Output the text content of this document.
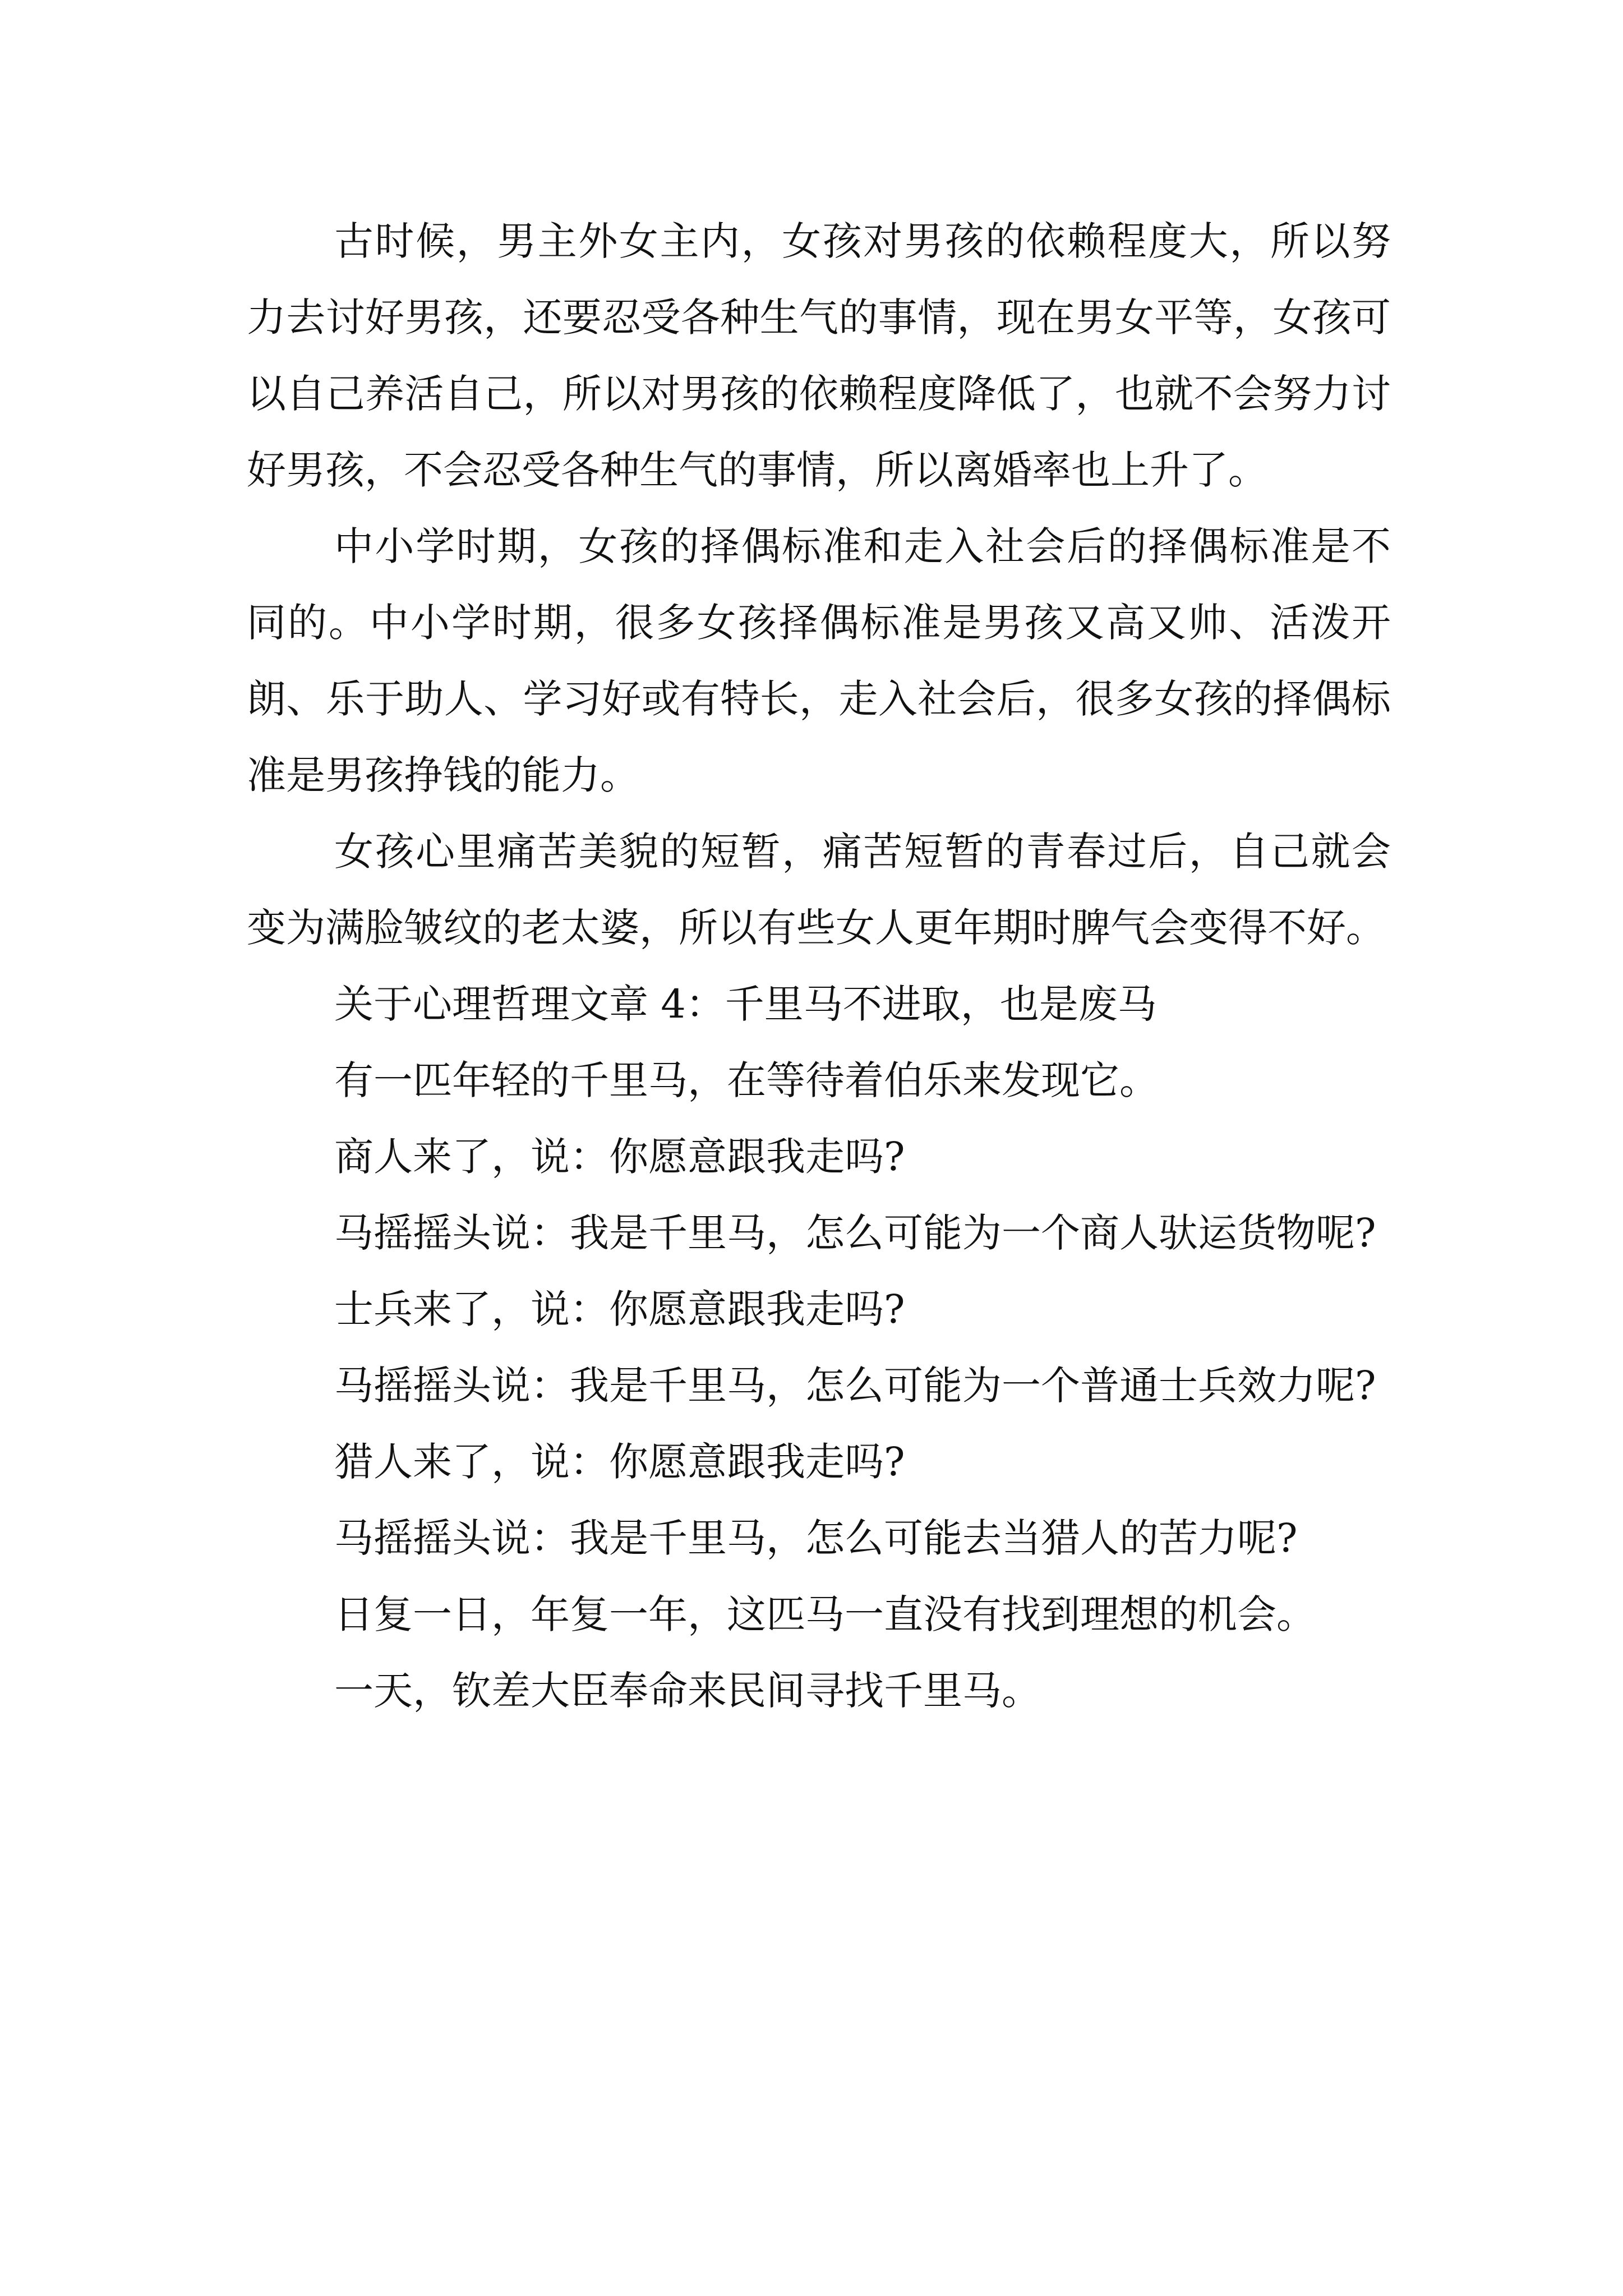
古时候，男主外女主内，女孩对男孩的依赖程度大，所以努力去讨好男孩，还要忍受各种生气的事情，现在男女平等，女孩可以自己养活自己，所以对男孩的依赖程度降低了，也就不会努力讨好男孩，不会忍受各种生气的事情，所以离婚率也上升了。

中小学时期，女孩的择偶标准和走入社会后的择偶标准是不同的。中小学时期，很多女孩择偶标准是男孩又高又帅、活泼开朗、乐于助人、学习好或有特长，走入社会后，很多女孩的择偶标准是男孩挣钱的能力。

女孩心里痛苦美貌的短暂，痛苦短暂的青春过后，自己就会变为满脸皱纹的老太婆，所以有些女人更年期时脾气会变得不好。

关于心理哲理文章 4：千里马不进取，也是废马

有一匹年轻的千里马，在等待着伯乐来发现它。

商人来了，说：你愿意跟我走吗?

马摇摇头说：我是千里马，怎么可能为一个商人驮运货物呢?

士兵来了，说：你愿意跟我走吗?

马摇摇头说：我是千里马，怎么可能为一个普通士兵效力呢?

猎人来了，说：你愿意跟我走吗?

马摇摇头说：我是千里马，怎么可能去当猎人的苦力呢?

日复一日，年复一年，这匹马一直没有找到理想的机会。

一天，钦差大臣奉命来民间寻找千里马。
